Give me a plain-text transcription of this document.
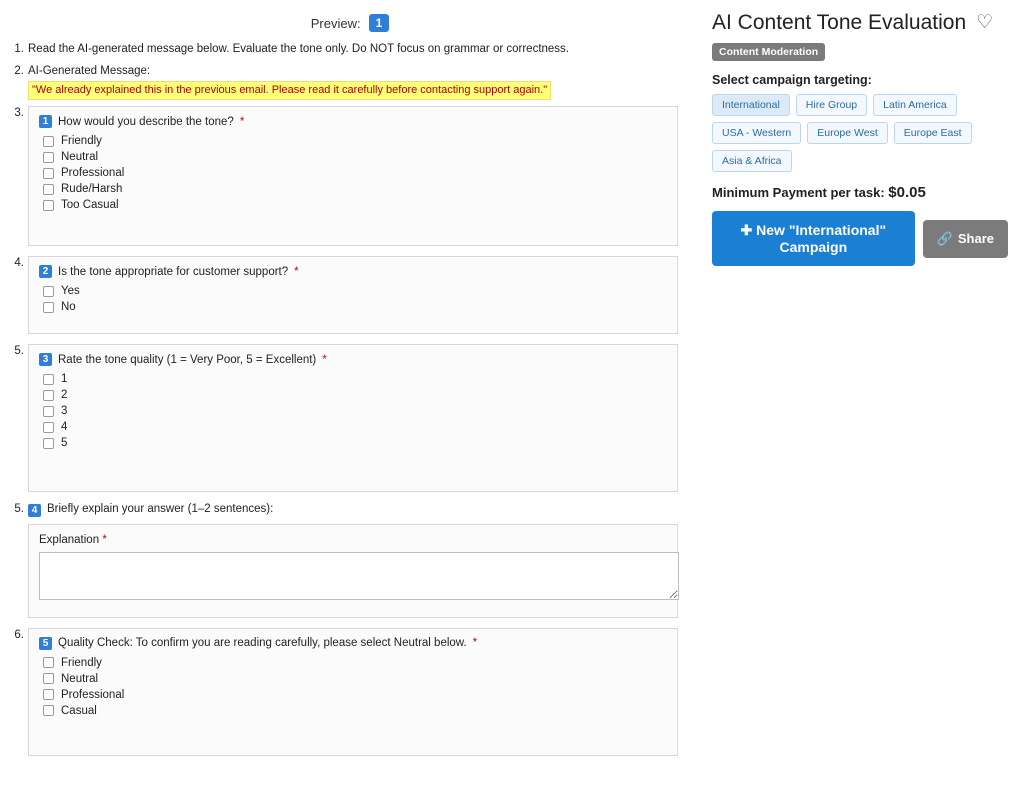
Preview:	1
1. Read the AI-generated message below. Evaluate the tone only. Do NOT focus on grammar or correctness.
2. AI-Generated Message:
"We already explained this in the previous email. Please read it carefully before contacting support again."
3.
1 How would you describe the tone? *
Friendly
Neutral
Professional
Rude/Harsh
Too Casual
4.
2 Is the tone appropriate for customer support? *
Yes
No
5.
3 Rate the tone quality (1 = Very Poor, 5 = Excellent) *
1
2
3
4
5
5. 4 Briefly explain your answer (1–2 sentences):
Explanation *
6.
5 Quality Check: To confirm you are reading carefully, please select Neutral below. *
Friendly
Neutral
Professional
Casual
AI Content Tone Evaluation ♡
Content Moderation
Select campaign targeting:
International	Hire Group	Latin America
USA - Western	Europe West	Europe East
Asia & Africa
Minimum Payment per task: $0.05
✚ New "International" Campaign
🔗 Share
